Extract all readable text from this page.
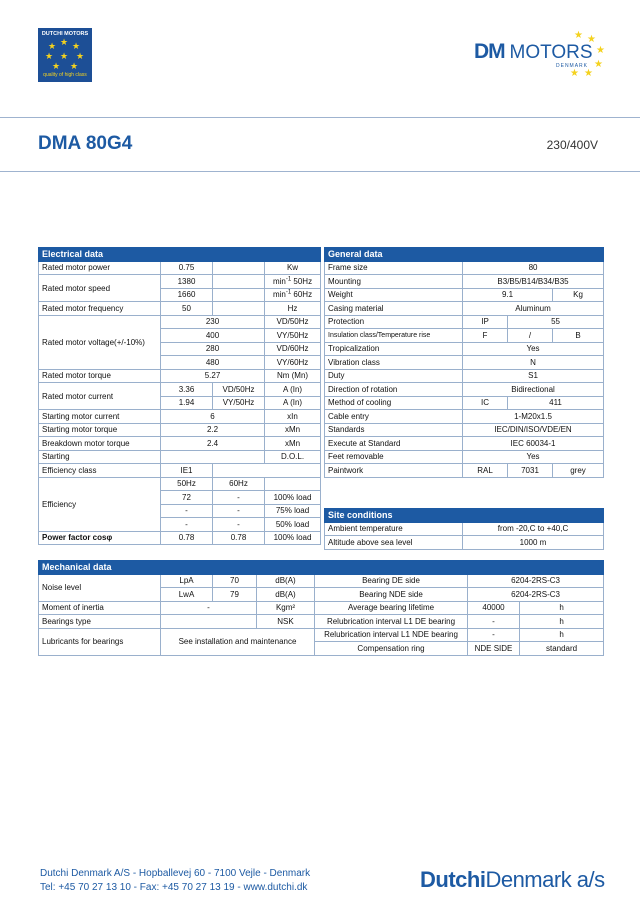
DUTCHI MOTORS
★ ★
★
★
★
★
★
★
quality of high class
DM MOTORS
★ ★
★
★
★
★
DENMARK
DMA 80G4	230/400V
Electrical data			
Rated motor power	0.75		Kw
Rated motor speed	1380		$\min^{-1} 50Hz$
	1660		$\min^{-1} 60Hz$
Rated motor frequency	50		Hz
Rated motor voltage(+/-10%)	230		VD/50Hz
	400		VY/50Hz
	280		VD/60Hz
	480		VY/60Hz
Rated motor torque	5.27		Nm (Mn)
Rated motor current	3.36	VD/50Hz	A (In)
	1.94	VY/50Hz	A (In)
Starting motor current	6		xIn
Starting motor torque	2.2		xMn
Breakdown motor torque	2.4		xMn
Starting			D.O.L.
Efficiency class	IE1		
Efficiency	50Hz	60Hz	
	72	-	100% load
	-	-	75% load
	-	-	50% load
Power factor cosφ	0.78	0.78	100% load
General data			
Frame size	80		
Mounting	B3/B5/B14/B34/B35		
Weight	9.1		Kg
Casing material	Aluminum		
Protection	IP	55	
Insulation class/Temperature rise	F	/	B
Tropicalization	Yes		
Vibration class	N		
Duty	S1		
Direction of rotation	Bidirectional		
Method of cooling	IC	411	
Cable entry	1-M20x1.5		
Standards	IEC/DIN/ISO/VDE/EN		
Execute at Standard	IEC 60034-1		
Feet removable	Yes		
Paintwork	RAL	7031	grey
Site conditions	
Ambient temperature	from -20,C to +40,C
Altitude above sea level	1000 m
Mechanical data						
Noise level	LpA	70	dB(A)	Bearing DE side	6204-2RS-C3	
	LwA	79	dB(A)	Bearing NDE side	6204-2RS-C3	
Moment of inertia	-		Kgm²	Average bearing lifetime	40000	h
Bearings type			NSK	Relubrication interval L1 DE bearing	-	h
Lubricants for bearings	See installation and maintenance			Relubrication interval L1 NDE bearing	-	h
				Compensation ring	NDE SIDE	standard
Dutchi Denmark A/S - Hopballevej 60 - 7100 Vejle - Denmark
Tel: +45 70 27 13 10 - Fax: +45 70 27 13 19 - www.dutchi.dk	DutchiDenmark a/s
